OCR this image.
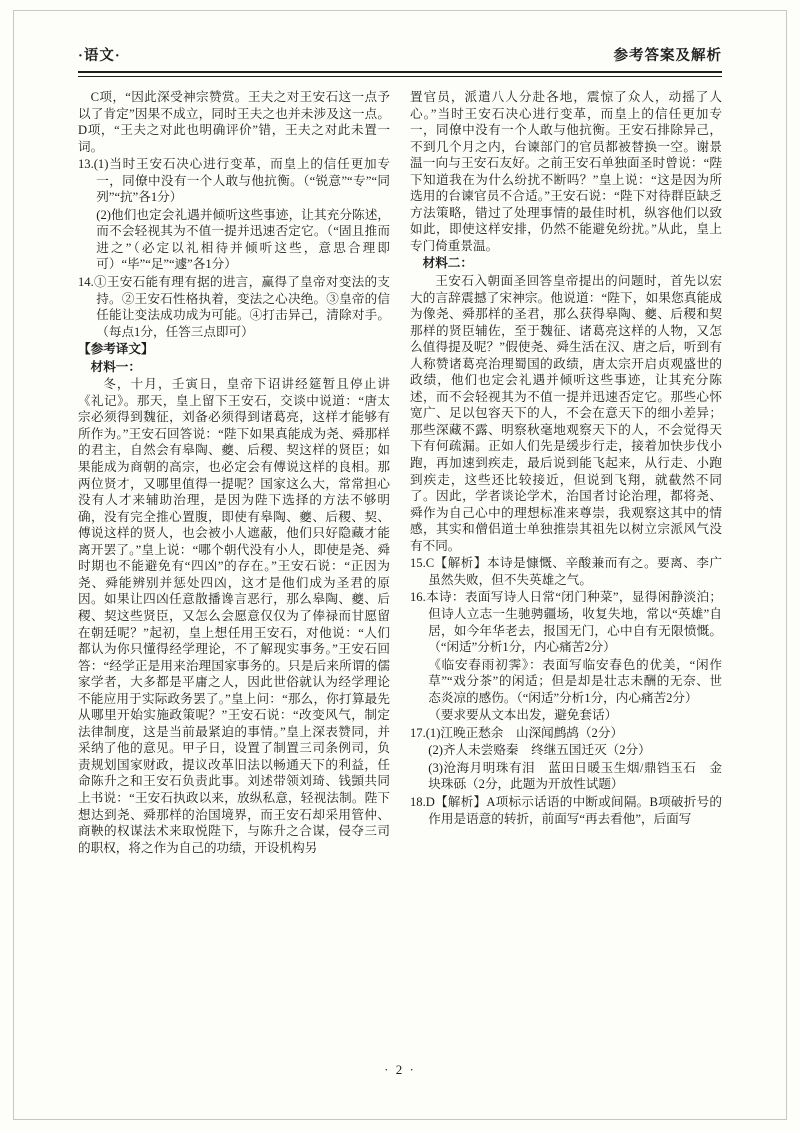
·语文·	参考答案及解析

C项，“因此深受神宗赞赏。王夫之对王安石这一点予以了肯定”因果不成立，同时王夫之也并未涉及这一点。D项，“王夫之对此也明确评价”错，王夫之对此未置一词。

13.(1)当时王安石决心进行变革，而皇上的信任更加专一，同僚中没有一个人敢与他抗衡。（“锐意”“专”“同列”“抗”各1分）

(2)他们也定会礼遇并倾听这些事迹，让其充分陈述，而不会轻视其为不值一提并迅速否定它。（“固且推而进之”（必定以礼相待并倾听这些，意思合理即可）“毕”“足”“遽”各1分）

14.①王安石能有理有据的进言，赢得了皇帝对变法的支持。②王安石性格执着，变法之心决绝。③皇帝的信任能让变法成功成为可能。④打击异己，清除对手。（每点1分，任答三点即可）

【参考译文】

材料一：

冬，十月，壬寅日，皇帝下诏讲经筵暂且停止讲《礼记》。那天，皇上留下王安石，交谈中说道：“唐太宗必须得到魏征，刘备必须得到诸葛亮，这样才能够有所作为。”王安石回答说：“陛下如果真能成为尧、舜那样的君主，自然会有皋陶、夔、后稷、契这样的贤臣；如果能成为商朝的高宗，也必定会有傅说这样的良相。那两位贤才，又哪里值得一提呢？国家这么大，常常担心没有人才来辅助治理，是因为陛下选择的方法不够明确，没有完全推心置腹，即使有皋陶、夔、后稷、契、傅说这样的贤人，也会被小人遮蔽，他们只好隐藏才能离开罢了。”皇上说：“哪个朝代没有小人，即使是尧、舜时期也不能避免有“四凶”的存在。”王安石说：“正因为尧、舜能辨别并惩处四凶，这才是他们成为圣君的原因。如果让四凶任意散播谗言恶行，那么皋陶、夔、后稷、契这些贤臣，又怎么会愿意仅仅为了俸禄而甘愿留在朝廷呢？”起初，皇上想任用王安石，对他说：“人们都认为你只懂得经学理论，不了解现实事务。”王安石回答：“经学正是用来治理国家事务的。只是后来所谓的儒家学者，大多都是平庸之人，因此世俗就认为经学理论不能应用于实际政务罢了。”皇上问：“那么，你打算最先从哪里开始实施政策呢？”王安石说：“改变风气，制定法律制度，这是当前最紧迫的事情。”皇上深表赞同，并采纳了他的意见。甲子日，设置了制置三司条例司，负责规划国家财政，提议改革旧法以畅通天下的利益，任命陈升之和王安石负责此事。刘述带领刘琦、钱顗共同上书说：“王安石执政以来，放纵私意，轻视法制。陛下想达到尧、舜那样的治国境界，而王安石却采用管仲、商鞅的权谋法术来取悦陛下，与陈升之合谋，侵夺三司的职权，将之作为自己的功绩，开设机构另

置官员，派遣八人分赴各地，震惊了众人，动摇了人心。”当时王安石决心进行变革，而皇上的信任更加专一，同僚中没有一个人敢与他抗衡。王安石排除异己，不到几个月之内，台谏部门的官员都被替换一空。谢景温一向与王安石友好。之前王安石单独面圣时曾说：“陛下知道我在为什么纷扰不断吗？”皇上说：“这是因为所选用的台谏官员不合适。”王安石说：“陛下对待群臣缺乏方法策略，错过了处理事情的最佳时机，纵容他们以致如此，即使这样安排，仍然不能避免纷扰。”从此，皇上专门倚重景温。

材料二：

王安石入朝面圣回答皇帝提出的问题时，首先以宏大的言辞震撼了宋神宗。他说道：“陛下，如果您真能成为像尧、舜那样的圣君，那么获得皋陶、夔、后稷和契那样的贤臣辅佐，至于魏征、诸葛亮这样的人物，又怎么值得提及呢？”假使尧、舜生活在汉、唐之后，听到有人称赞诸葛亮治理蜀国的政绩，唐太宗开启贞观盛世的政绩，他们也定会礼遇并倾听这些事迹，让其充分陈述，而不会轻视其为不值一提并迅速否定它。那些心怀宽广、足以包容天下的人，不会在意天下的细小差异；那些深藏不露、明察秋毫地观察天下的人，不会觉得天下有何疏漏。正如人们先是缓步行走，接着加快步伐小跑，再加速到疾走，最后说到能飞起来，从行走、小跑到疾走，这些还比较接近，但说到飞翔，就截然不同了。因此，学者谈论学术，治国者讨论治理，都将尧、舜作为自己心中的理想标准来尊崇，我观察这其中的情感，其实和僧侣道士单独推崇其祖先以树立宗派风气没有不同。

15.C【解析】本诗是慷慨、辛酸兼而有之。要离、李广虽然失败，但不失英雄之气。

16.本诗：表面写诗人日常“闭门种菜”，显得闲静淡泊；但诗人立志一生驰骋疆场，收复失地，常以“英雄”自居，如今年华老去，报国无门，心中自有无限愤慨。（“闲适”分析1分，内心痛苦2分）

《临安春雨初霁》：表面写临安春色的优美，“闲作草”“戏分茶”的闲适；但是却是壮志未酬的无奈、世态炎凉的感伤。（“闲适”分析1分，内心痛苦2分）

（要求要从文本出发，避免套话）

17.(1)江晚正愁余　山深闻鹧鸪（2分）

(2)齐人未尝赂秦　终继五国迁灭（2分）

(3)沧海月明珠有泪　蓝田日暖玉生烟/鼎铛玉石　金块珠砾（2分，此题为开放性试题）

18.D【解析】A项标示话语的中断或间隔。B项破折号的作用是语意的转折，前面写“再去看他”，后面写

· 2 ·
